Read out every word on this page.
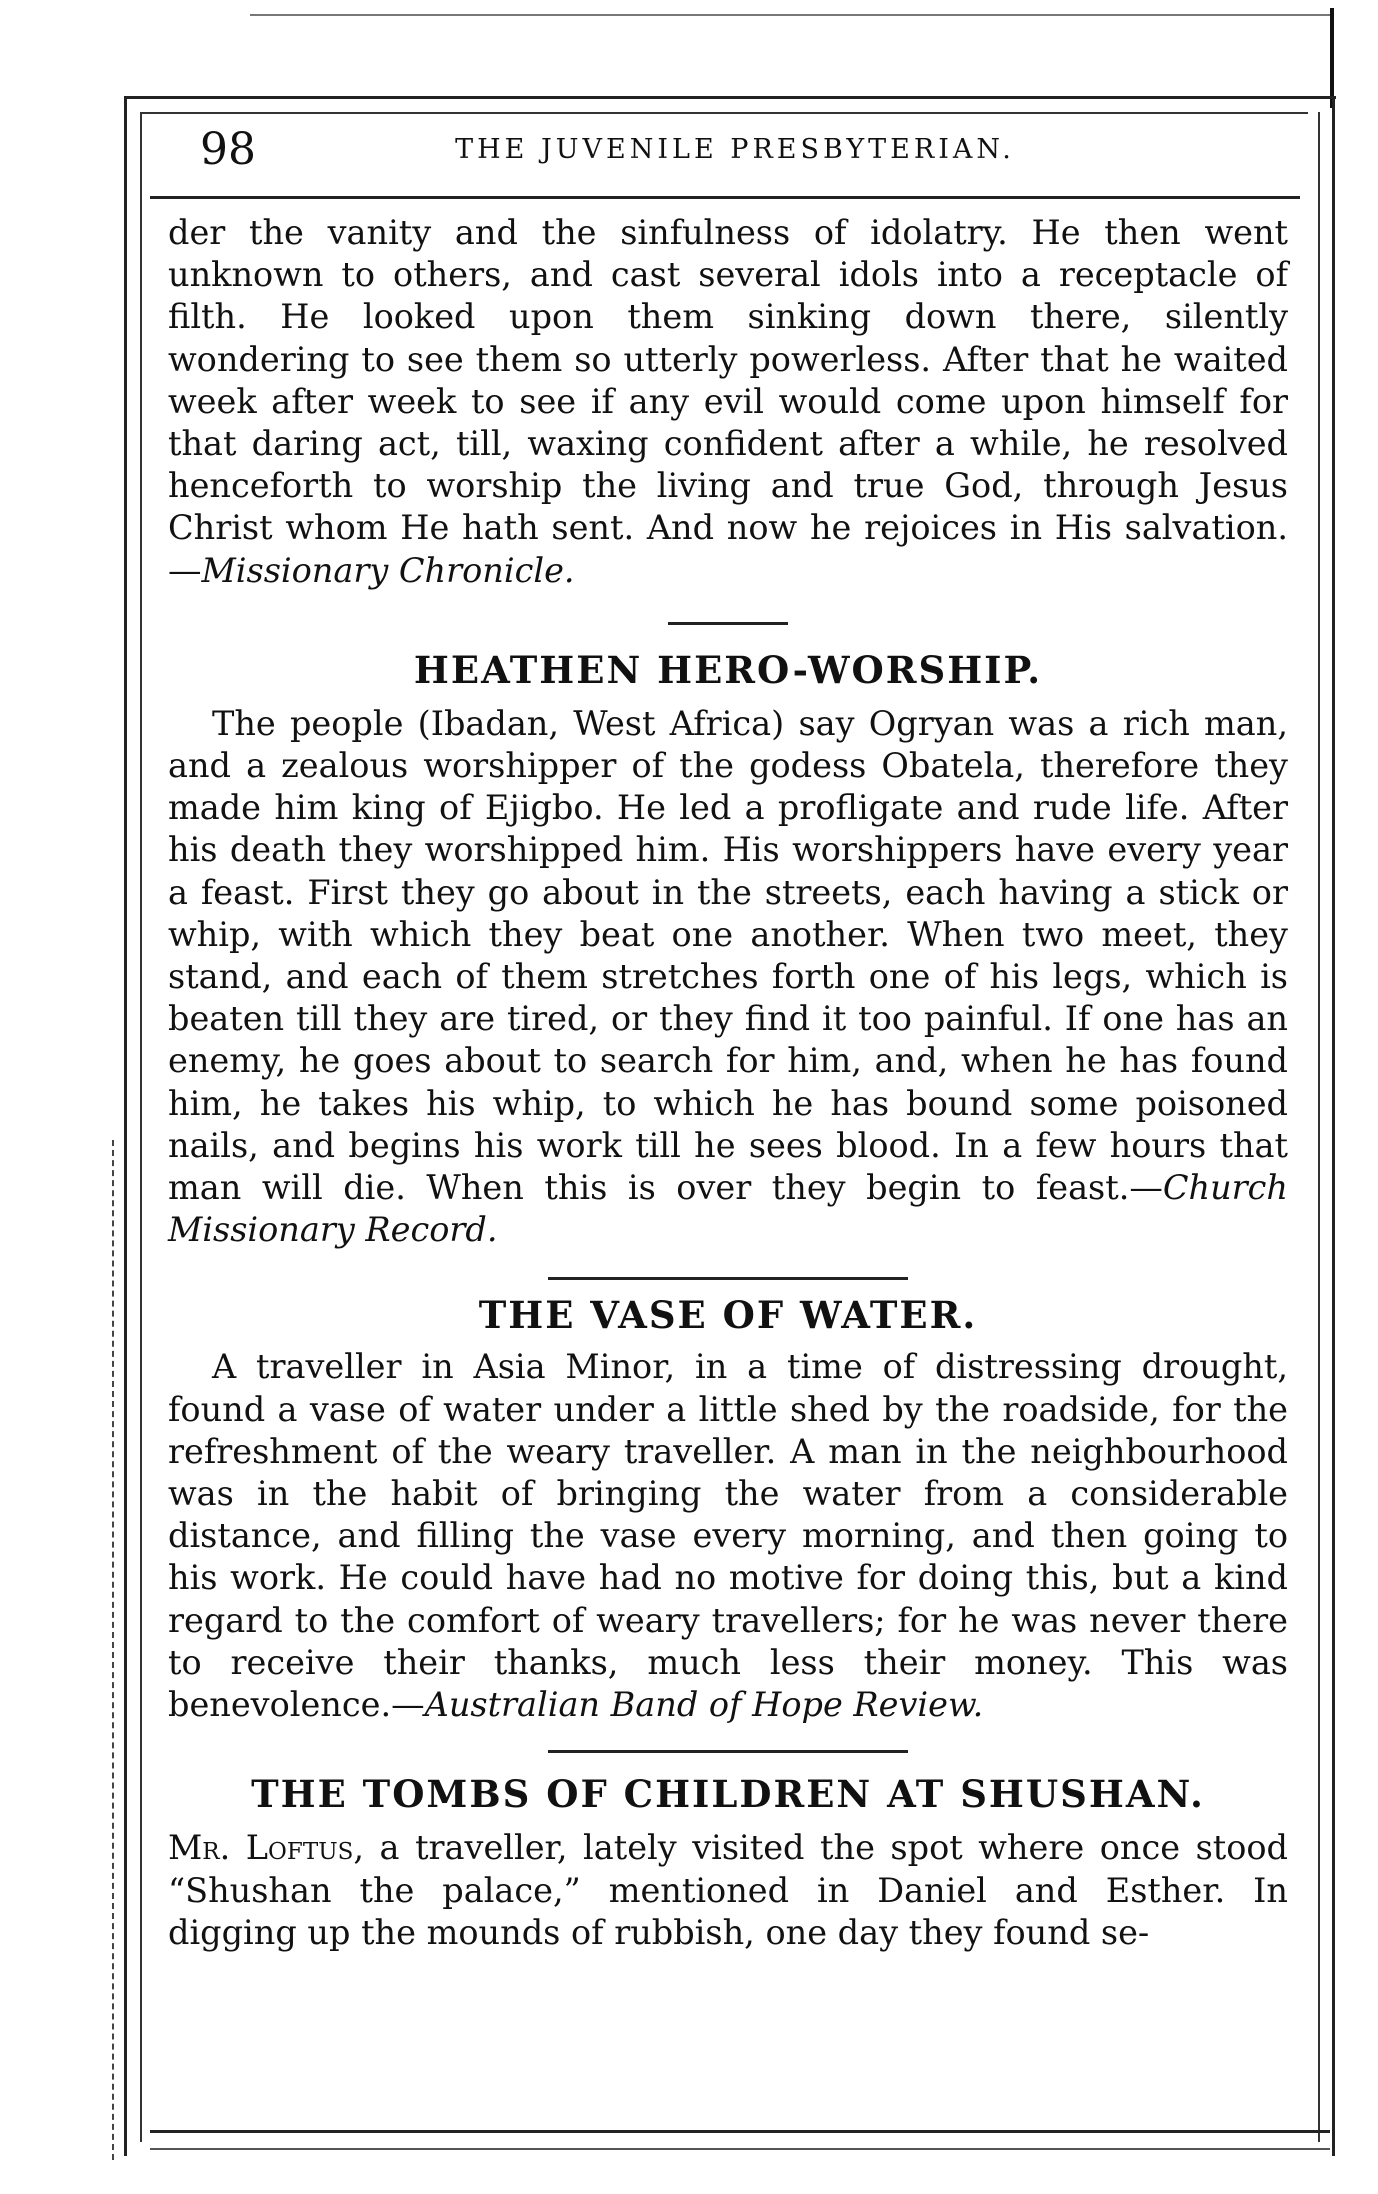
98	THE JUVENILE PRESBYTERIAN.

der the vanity and the sinfulness of idolatry. He then went unknown to others, and cast several idols into a receptacle of filth. He looked upon them sinking down there, silently wondering to see them so utterly powerless. After that he waited week after week to see if any evil would come upon himself for that daring act, till, waxing confident after a while, he resolved henceforth to worship the living and true God, through Jesus Christ whom He hath sent. And now he rejoices in His salvation.—Missionary Chronicle.

HEATHEN HERO-WORSHIP.

The people (Ibadan, West Africa) say Ogryan was a rich man, and a zealous worshipper of the godess Obatela, therefore they made him king of Ejigbo. He led a profligate and rude life. After his death they worshipped him. His worshippers have every year a feast. First they go about in the streets, each having a stick or whip, with which they beat one another. When two meet, they stand, and each of them stretches forth one of his legs, which is beaten till they are tired, or they find it too painful. If one has an enemy, he goes about to search for him, and, when he has found him, he takes his whip, to which he has bound some poisoned nails, and begins his work till he sees blood. In a few hours that man will die. When this is over they begin to feast.—Church Missionary Record.

THE VASE OF WATER.

A traveller in Asia Minor, in a time of distressing drought, found a vase of water under a little shed by the roadside, for the refreshment of the weary traveller. A man in the neighbourhood was in the habit of bringing the water from a considerable distance, and filling the vase every morning, and then going to his work. He could have had no motive for doing this, but a kind regard to the comfort of weary travellers; for he was never there to receive their thanks, much less their money. This was benevolence.—Australian Band of Hope Review.

THE TOMBS OF CHILDREN AT SHUSHAN.

Mr. Loftus, a traveller, lately visited the spot where once stood “Shushan the palace,” mentioned in Daniel and Esther. In digging up the mounds of rubbish, one day they found se-
